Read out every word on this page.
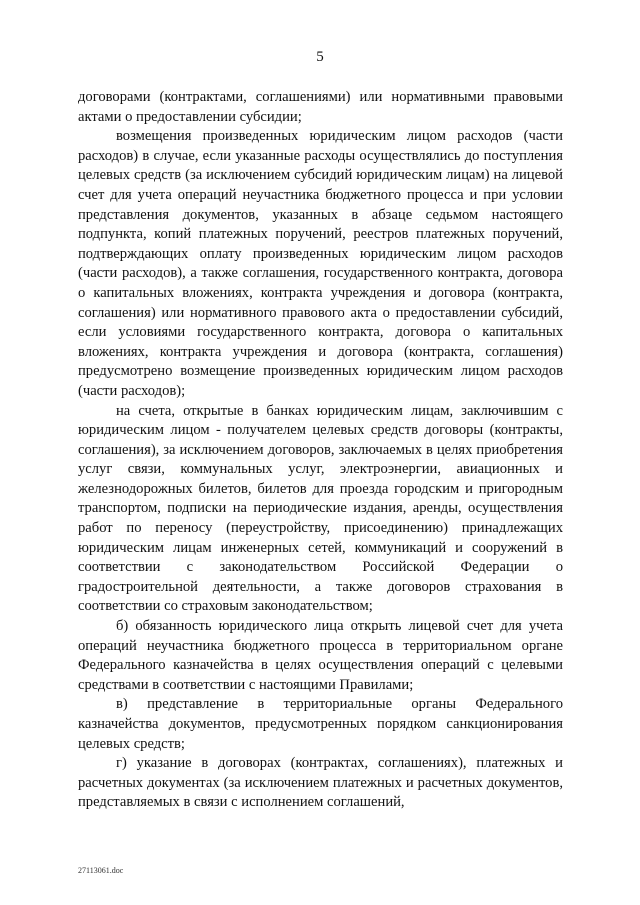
5

договорами (контрактами, соглашениями) или нормативными правовыми актами о предоставлении субсидии;

возмещения произведенных юридическим лицом расходов (части расходов) в случае, если указанные расходы осуществлялись до поступления целевых средств (за исключением субсидий юридическим лицам) на лицевой счет для учета операций неучастника бюджетного процесса и при условии представления документов, указанных в абзаце седьмом настоящего подпункта, копий платежных поручений, реестров платежных поручений, подтверждающих оплату произведенных юридическим лицом расходов (части расходов), а также соглашения, государственного контракта, договора о капитальных вложениях, контракта учреждения и договора (контракта, соглашения) или нормативного правового акта о предоставлении субсидий, если условиями государственного контракта, договора о капитальных вложениях, контракта учреждения и договора (контракта, соглашения) предусмотрено возмещение произведенных юридическим лицом расходов (части расходов);

на счета, открытые в банках юридическим лицам, заключившим с юридическим лицом - получателем целевых средств договоры (контракты, соглашения), за исключением договоров, заключаемых в целях приобретения услуг связи, коммунальных услуг, электроэнергии, авиационных и железнодорожных билетов, билетов для проезда городским и пригородным транспортом, подписки на периодические издания, аренды, осуществления работ по переносу (переустройству, присоединению) принадлежащих юридическим лицам инженерных сетей, коммуникаций и сооружений в соответствии с законодательством Российской Федерации о градостроительной деятельности, а также договоров страхования в соответствии со страховым законодательством;

б) обязанность юридического лица открыть лицевой счет для учета операций неучастника бюджетного процесса в территориальном органе Федерального казначейства в целях осуществления операций с целевыми средствами в соответствии с настоящими Правилами;

в) представление в территориальные органы Федерального казначейства документов, предусмотренных порядком санкционирования целевых средств;

г) указание в договорах (контрактах, соглашениях), платежных и расчетных документах (за исключением платежных и расчетных документов, представляемых в связи с исполнением соглашений,

27113061.doc
